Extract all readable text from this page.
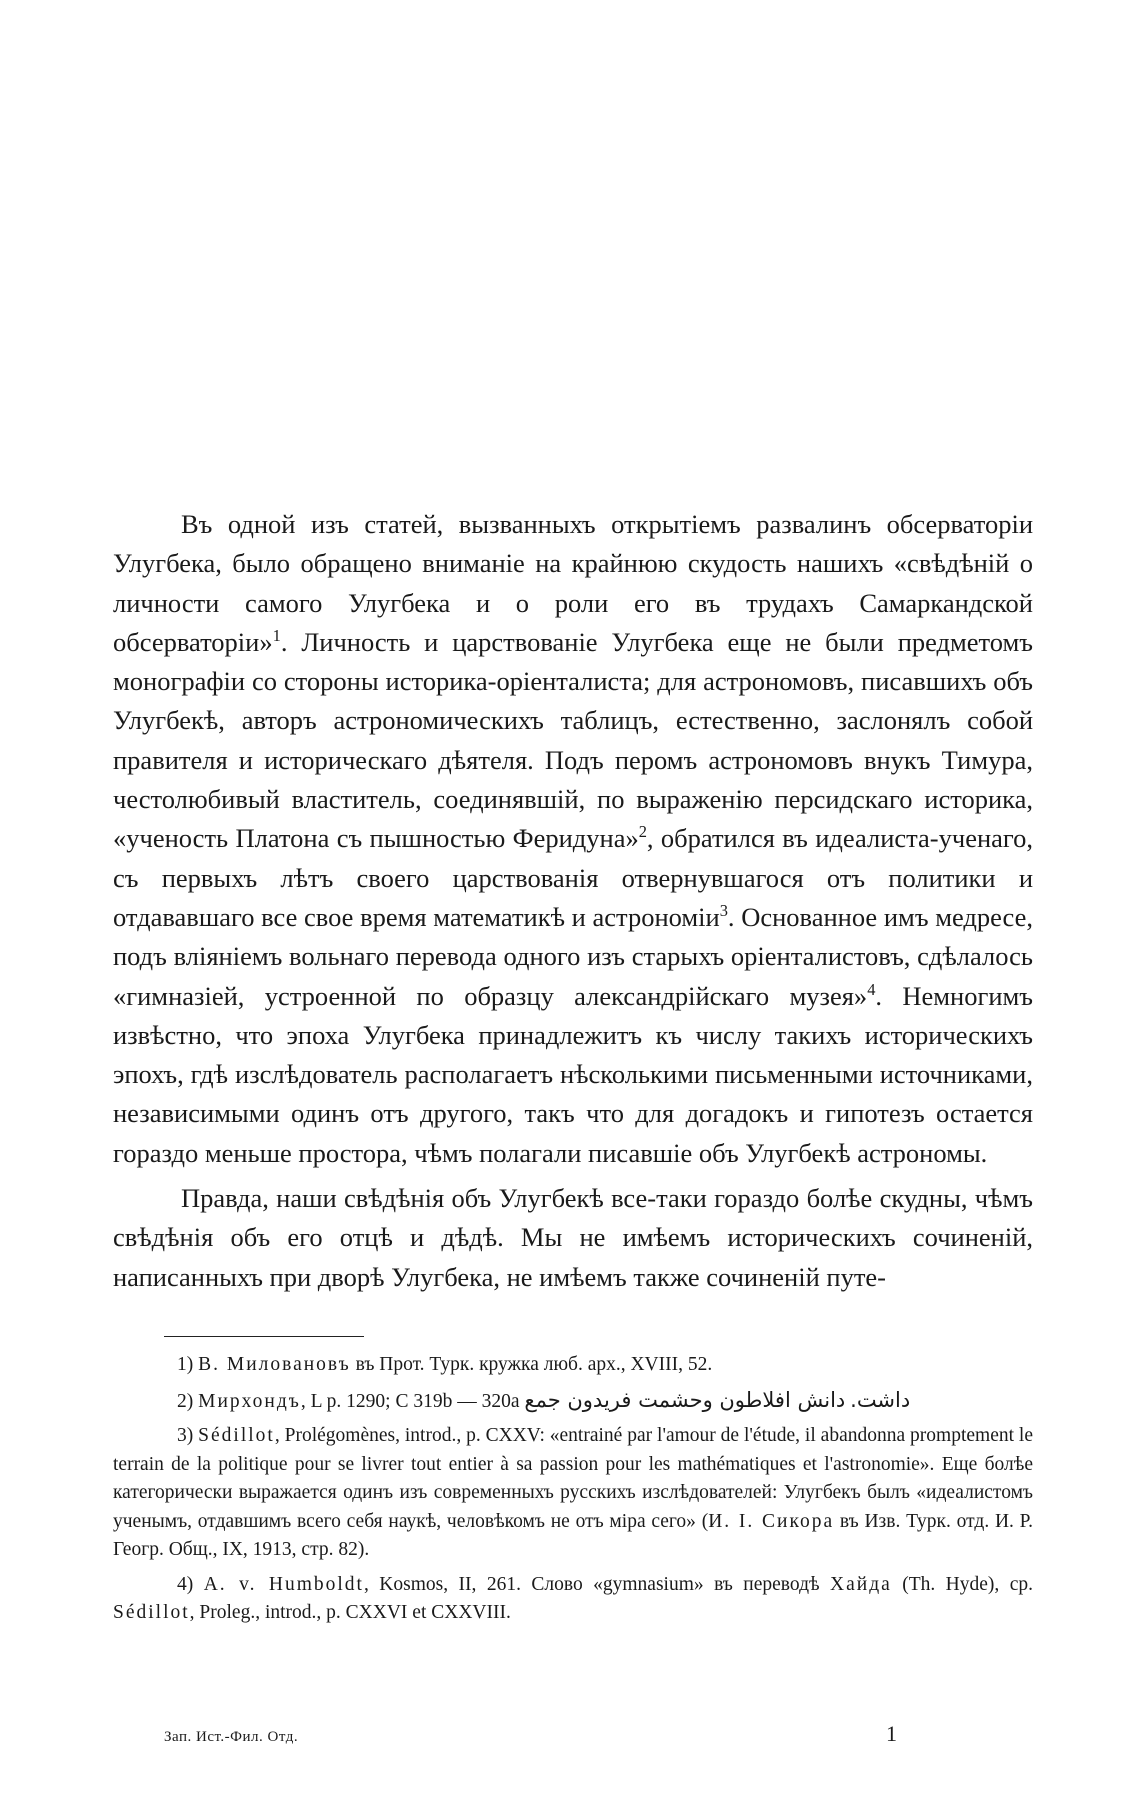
Въ одной изъ статей, вызванныхъ открытіемъ развалинъ обсерваторіи Улугбека, было обращено вниманіе на крайнюю скудость нашихъ «свѣдѣній о личности самого Улугбека и о роли его въ трудахъ Самаркандской обсерваторіи»$^1$. Личность и царствованіе Улугбека еще не были предметомъ монографіи со стороны историка-оріенталиста; для астрономовъ, писавшихъ объ Улугбекѣ, авторъ астрономическихъ таблицъ, естественно, заслонялъ собой правителя и историческаго дѣятеля. Подъ перомъ астрономовъ внукъ Тимура, честолюбивый властитель, соединявшій, по выраженію персидскаго историка, «ученость Платона съ пышностью Феридуна»$^2$, обратился въ идеалиста-ученаго, съ первыхъ лѣтъ своего царствованія отвернувшагося отъ политики и отдававшаго все свое время математикѣ и астрономіи$^3$. Основанное имъ медресе, подъ вліяніемъ вольнаго перевода одного изъ старыхъ оріенталистовъ, сдѣлалось «гимназіей, устроенной по образцу александрійскаго музея»$^4$. Немногимъ извѣстно, что эпоха Улугбека принадлежитъ къ числу такихъ историческихъ эпохъ, гдѣ изслѣдователь располагаетъ нѣсколькими письменными источниками, независимыми одинъ отъ другого, такъ что для догадокъ и гипотезъ остается гораздо меньше простора, чѣмъ полагали писавшіе объ Улугбекѣ астрономы.

Правда, наши свѣдѣнія объ Улугбекѣ все-таки гораздо болѣе скудны, чѣмъ свѣдѣнія объ его отцѣ и дѣдѣ. Мы не имѣемъ историческихъ сочиненій, написанныхъ при дворѣ Улугбека, не имѣемъ также сочиненій путе-

1) В. Миловановъ въ Прот. Турк. кружка люб. арх., XVIII, 52.

2) Мирхондъ, L p. 1290; C 319b — 320a دانش افلاطون وحشمت فريدون جمع داشت.

3) Sédillot, Prolégomènes, introd., p. CXXV: «entrainé par l'amour de l'étude, il abandonna promptement le terrain de la politique pour se livrer tout entier à sa passion pour les mathématiques et l'astronomie». Еще болѣе категорически выражается одинъ изъ современныхъ русскихъ изслѣдователей: Улугбекъ былъ «идеалистомъ ученымъ, отдавшимъ всего себя наукѣ, человѣкомъ не отъ міра сего» (И. I. Сикора въ Изв. Турк. отд. И. Р. Геогр. Общ., IX, 1913, стр. 82).

4) A. v. Humboldt, Kosmos, II, 261. Слово «gymnasium» въ переводѣ Хайда (Th. Hyde), ср. Sédillot, Proleg., introd., p. CXXVI et CXXVIII.

Зап. Ист.-Фил. Отд.	1
